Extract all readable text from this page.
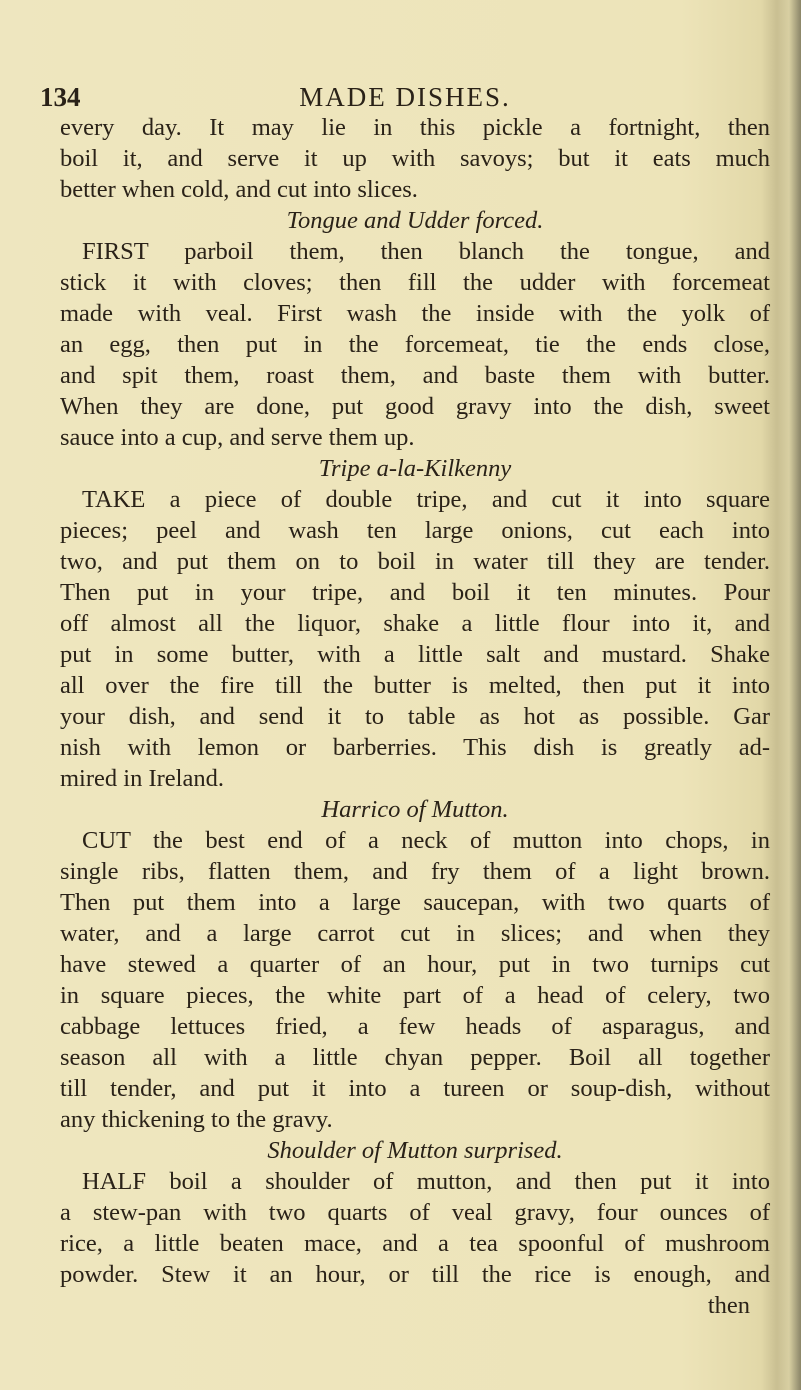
134	MADE DISHES.
every day. It may lie in this pickle a fortnight, then
boil it, and serve it up with savoys; but it eats much
better when cold, and cut into slices.
Tongue and Udder forced.
FIRST parboil them, then blanch the tongue, and
stick it with cloves; then fill the udder with forcemeat
made with veal. First wash the inside with the yolk of
an egg, then put in the forcemeat, tie the ends close,
and spit them, roast them, and baste them with butter.
When they are done, put good gravy into the dish, sweet
sauce into a cup, and serve them up.
Tripe a-la-Kilkenny
TAKE a piece of double tripe, and cut it into square
pieces; peel and wash ten large onions, cut each into
two, and put them on to boil in water till they are tender.
Then put in your tripe, and boil it ten minutes. Pour
off almost all the liquor, shake a little flour into it, and
put in some butter, with a little salt and mustard. Shake
all over the fire till the butter is melted, then put it into
your dish, and send it to table as hot as possible. Gar
nish with lemon or barberries. This dish is greatly ad-
mired in Ireland.
Harrico of Mutton.
CUT the best end of a neck of mutton into chops, in
single ribs, flatten them, and fry them of a light brown.
Then put them into a large saucepan, with two quarts of
water, and a large carrot cut in slices; and when they
have stewed a quarter of an hour, put in two turnips cut
in square pieces, the white part of a head of celery, two
cabbage lettuces fried, a few heads of asparagus, and
season all with a little chyan pepper. Boil all together
till tender, and put it into a tureen or soup-dish, without
any thickening to the gravy.
Shoulder of Mutton surprised.
HALF boil a shoulder of mutton, and then put it into
a stew-pan with two quarts of veal gravy, four ounces of
rice, a little beaten mace, and a tea spoonful of mushroom
powder. Stew it an hour, or till the rice is enough, and
then
